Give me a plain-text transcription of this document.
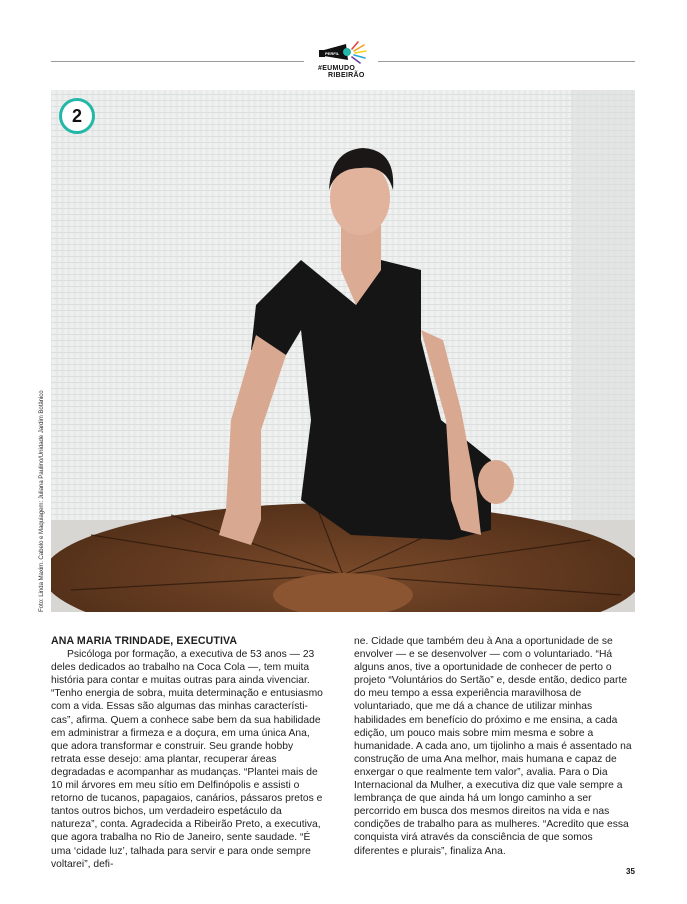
PERFIL
#EUMUDO
RIBEIRÃO
2
Foto: Linda Maxim. Cabelo e Maquiagem: Juliana Paulino/Unidade Jardim Botânico
ANA MARIA TRINDADE, EXECUTIVA
Psicóloga por formação, a executiva de 53 anos — 23 deles dedicados ao trabalho na Coca Cola —, tem muita história para contar e muitas outras para ainda vivenciar. “Tenho energia de sobra, muita determinação e entusiasmo com a vida. Essas são algumas das minhas característi-cas”, afirma. Quem a conhece sabe bem da sua habilidade em administrar a firmeza e a doçura, em uma única Ana, que adora transformar e construir. Seu grande hobby retrata esse desejo: ama plantar, recuperar áreas degradadas e acompanhar as mudanças. “Plantei mais de 10 mil árvores em meu sítio em Delfinópolis e assisti o retorno de tucanos, papagaios, canários, pássaros pretos e tantos outros bichos, um verdadeiro espetáculo da natureza”, conta. Agradecida a Ribeirão Preto, a executiva, que agora trabalha no Rio de Janeiro, sente saudade. “É uma ‘cidade luz’, talhada para servir e para onde sempre voltarei”, defi-
ne. Cidade que também deu à Ana a oportunidade de se envolver — e se desenvolver — com o voluntariado. “Há alguns anos, tive a oportunidade de conhecer de perto o projeto “Voluntários do Sertão” e, desde então, dedico parte do meu tempo a essa experiência maravilhosa de voluntariado, que me dá a chance de utilizar minhas habilidades em benefício do próximo e me ensina, a cada edição, um pouco mais sobre mim mesma e sobre a humanidade. A cada ano, um tijolinho a mais é assentado na construção de uma Ana melhor, mais humana e capaz de enxergar o que realmente tem valor”, avalia. Para o Dia Internacional da Mulher, a executiva diz que vale sempre a lembrança de que ainda há um longo caminho a ser percorrido em busca dos mesmos direitos na vida e nas condições de trabalho para as mulheres. “Acredito que essa conquista virá através da consciência de que somos diferentes e plurais”, finaliza Ana.
35
